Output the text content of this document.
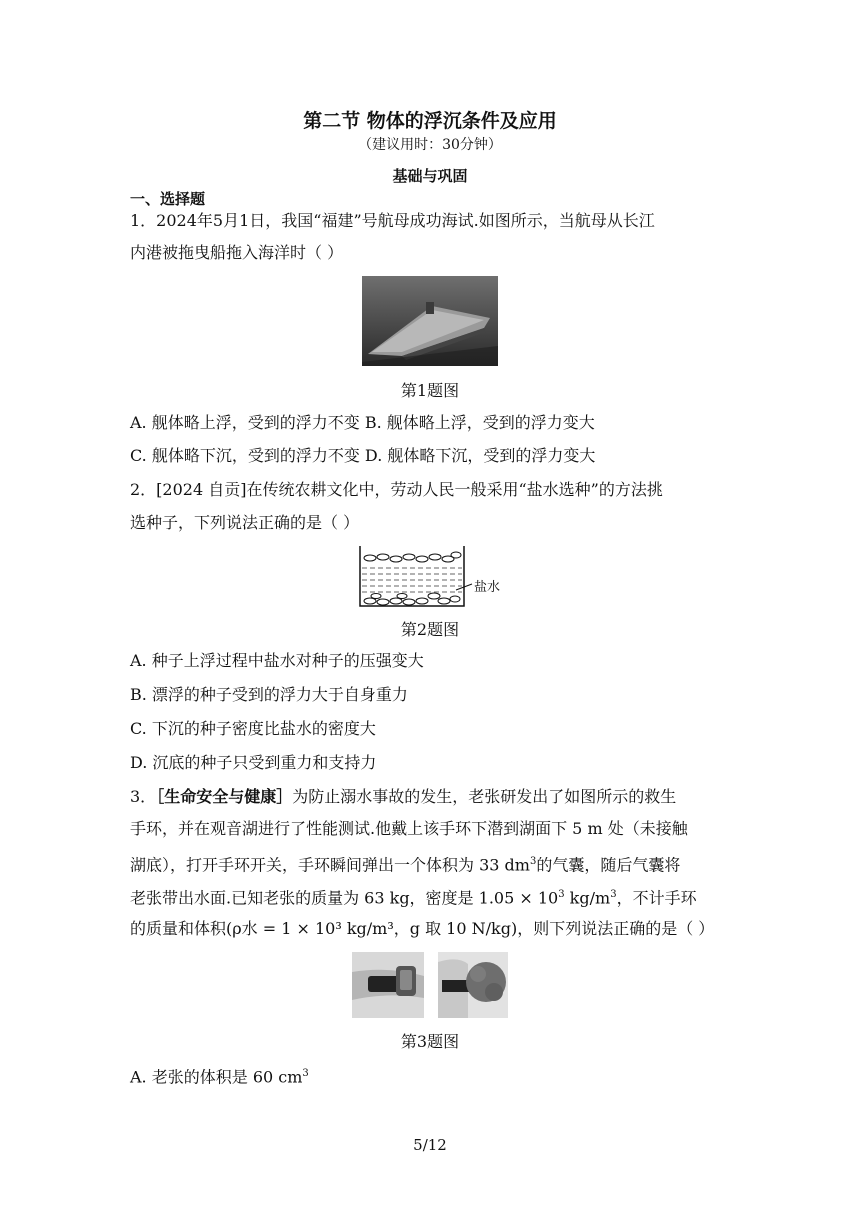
第二节 物体的浮沉条件及应用
（建议用时：30分钟）
基础与巩固
一、选择题
1．2024年5月1日，我国“福建”号航母成功海试.如图所示，当航母从长江
内港被拖曳船拖入海洋时（ ）
第1题图
A. 舰体略上浮，受到的浮力不变 B. 舰体略上浮，受到的浮力变大
C. 舰体略下沉，受到的浮力不变 D. 舰体略下沉，受到的浮力变大
2．[2024 自贡]在传统农耕文化中，劳动人民一般采用“盐水选种”的方法挑
选种子，下列说法正确的是（ ）
盐水
第2题图
A. 种子上浮过程中盐水对种子的压强变大
B. 漂浮的种子受到的浮力大于自身重力
C. 下沉的种子密度比盐水的密度大
D. 沉底的种子只受到重力和支持力
3．［生命安全与健康］为防止溺水事故的发生，老张研发出了如图所示的救生
手环，并在观音湖进行了性能测试.他戴上该手环下潜到湖面下 5 m 处（未接触
湖底），打开手环开关，手环瞬间弹出一个体积为 33 $dm^3$的气囊，随后气囊将
老张带出水面.已知老张的质量为 63 kg，密度是 $1.05 \times 10^3$ $kg/m^3$，不计手环
的质量和体积(ρ水 = 1 × 10³ kg/m³，g 取 10 N/kg)，则下列说法正确的是（ ）
第3题图
A. 老张的体积是 60 $cm^3$
5/12
